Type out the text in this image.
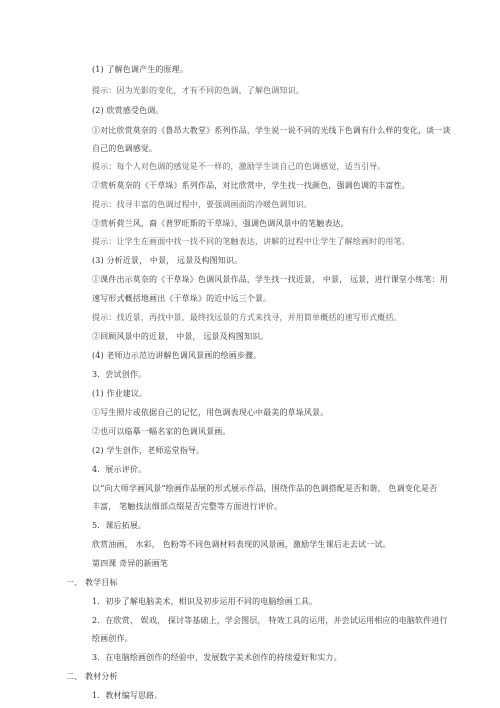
(1) 了解色调产生的原理。
提示：因为光影的变化，才有不同的色调，了解色调知识。
(2) 欣赏感受色调。
①对比欣赏莫奈的《鲁昂大教堂》系列作品，学生说一说不同的光线下色调有什么样的变化，谈一谈
自己的色调感觉。
提示：每个人对色调的感觉是不一样的，激励学生谈自己的色调感觉，适当引导。
②赏析莫奈的《干草垛》系列作品，对比欣赏中，学生找一找颜色，强调色调的丰富性。
提示：找寻丰富的色调过程中，要强调画面的冷暖色调知识。
③赏析荷兰风，裔《普罗旺斯的干草垛》，强调色调风景中的笔触表达。
提示：让学生在画面中找一找不同的笔触表达，讲解的过程中让学生了解绘画时的用笔。
(3) 分析近景， 中景， 远景及构图知识。
①课件出示莫奈的《干草垛》色调风景作品，学生找一找近景， 中景， 远景，进行课堂小练笔：用
速写形式概括地画出《干草垛》的近中远三个景。
提示：找近景，再找中景，最终找远景的方式来找寻，并用简单概括的速写形式概括。
②回顾风景中的近景， 中景， 远景及构图知识。
(4) 老师边示范边讲解色调风景画的绘画步骤。
3．尝试创作。
(1) 作业建议。
①写生照片或依据自己的记忆，用色调表现心中最美的草垛风景。
②也可以临摹一幅名家的色调风景画。
(2) 学生创作，老师巡堂指导。
4．展示评价。
以“向大师学画风景”绘画作品展的形式展示作品，围绕作品的色调搭配是否和谐， 色调变化是否
丰富， 笔触技法细部点缀是否完整等方面进行评价。
5．课后拓展。
欣赏油画， 水彩， 色粉等不同色调材料表现的风景画，激励学生课后走去试一试。
第四课 奇异的新画笔
一、 教学目标
1．初步了解电脑美术，相识及初步运用不同的电脑绘画工具。
2．在欣赏， 娱戏， 探讨等基础上，学会图层， 特效工具的运用，并尝试运用相应的电脑软件进行
绘画创作。
3．在电脑绘画创作的经验中，发展数字美术创作的持续爱好和实力。
二、 教材分析
1．教材编写思路。
